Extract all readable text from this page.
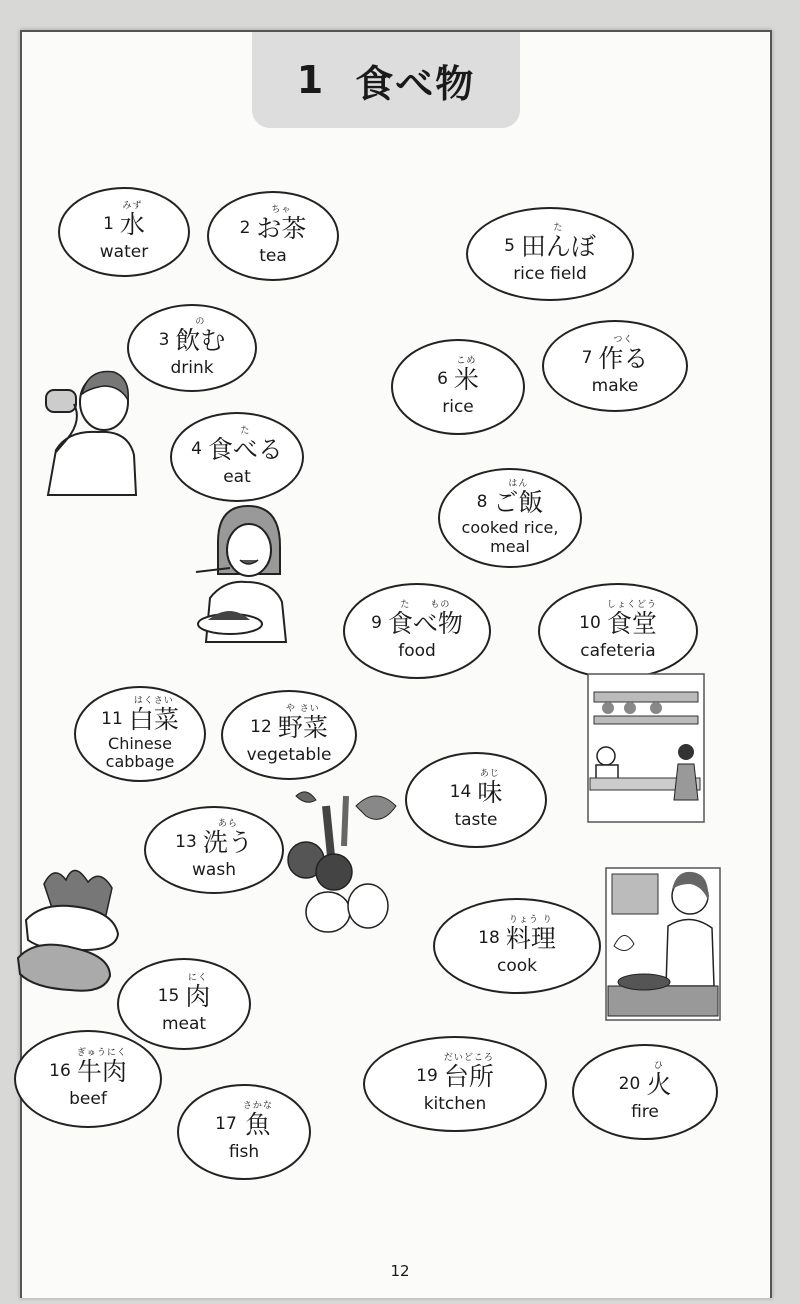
1 食べ物
1
みず
水
water
2
ちゃ
お茶
tea
3
の
飲む
drink
4
た
食べる
eat
5
た
田んぼ
rice field
6
こめ
米
rice
7
つく
作る
make
8
はん
ご飯
cooked rice,
meal
9
た　　もの
食べ物
food
10
しょくどう
食堂
cafeteria
11
はくさい
白菜
Chinese
cabbage
12
や さい
野菜
vegetable
13
あら
洗う
wash
14
あじ
味
taste
15
にく
肉
meat
16
ぎゅうにく
牛肉
beef
17
さかな
魚
fish
18
りょう り
料理
cook
19
だいどころ
台所
kitchen
20
ひ
火
fire
12
